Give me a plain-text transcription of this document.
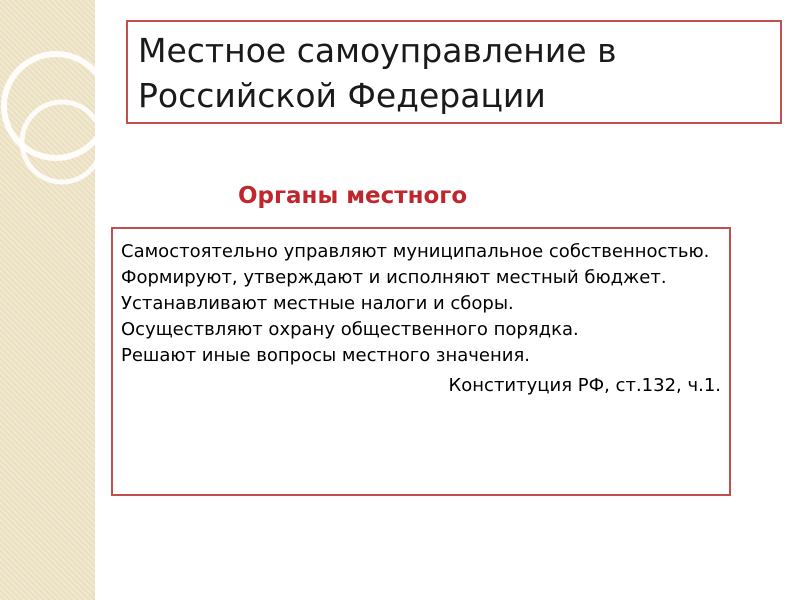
Местное самоуправление в
Российской Федерации
Органы местного

Самостоятельно управляют муниципальное собственностью.

Формируют, утверждают и исполняют местный бюджет.

Устанавливают местные налоги и сборы.

Осуществляют охрану общественного порядка.

Решают иные вопросы местного значения.

Конституция РФ, ст.132, ч.1.
